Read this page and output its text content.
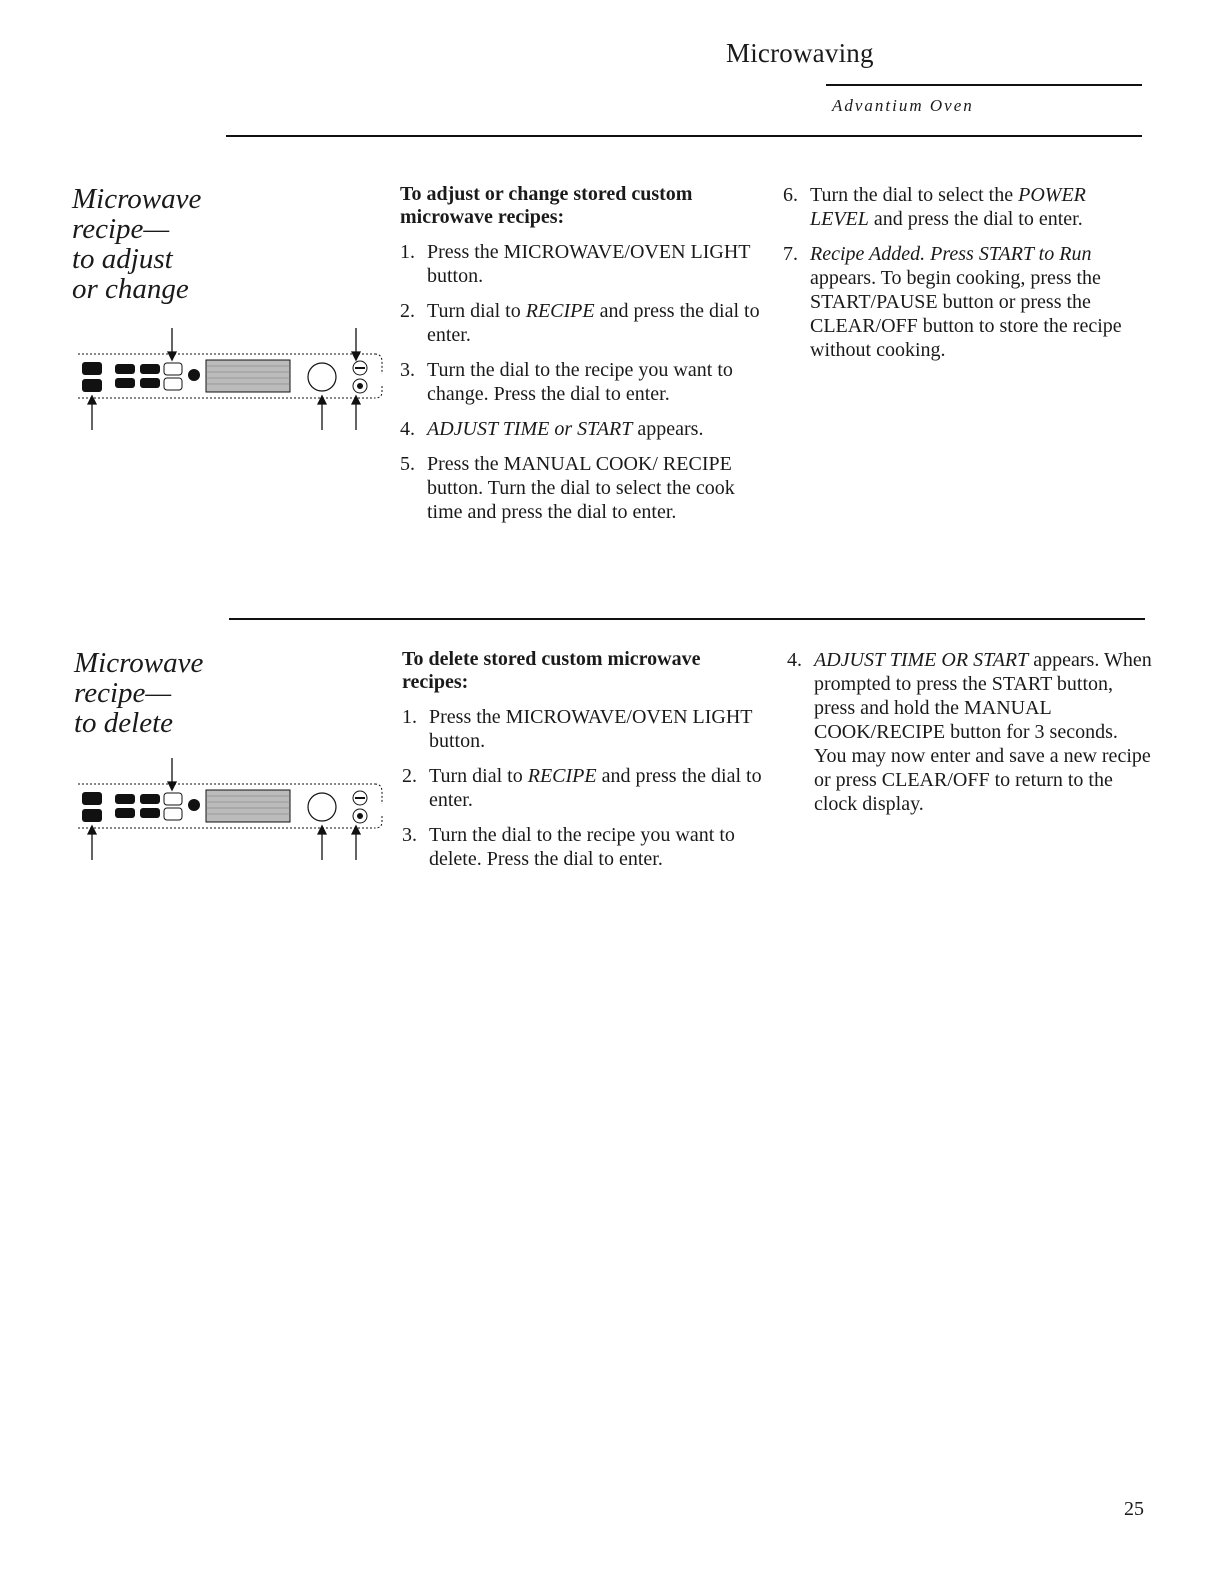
Microwaving
Advantium Oven
Microwave
recipe—
to adjust
or change
To adjust or change stored custom microwave recipes:
1. Press the MICROWAVE/OVEN LIGHT button.
2. Turn dial to RECIPE and press the dial to enter.
3. Turn the dial to the recipe you want to change. Press the dial to enter.
4. ADJUST TIME or START appears.
5. Press the MANUAL COOK/ RECIPE button. Turn the dial to select the cook time and press the dial to enter.
6. Turn the dial to select the POWER LEVEL and press the dial to enter.
7. Recipe Added. Press START to Run appears. To begin cooking, press the START/PAUSE button or press the CLEAR/OFF button to store the recipe without cooking.
Microwave
recipe—
to delete
To delete stored custom microwave recipes:
1. Press the MICROWAVE/OVEN LIGHT button.
2. Turn dial to RECIPE and press the dial to enter.
3. Turn the dial to the recipe you want to delete. Press the dial to enter.
4. ADJUST TIME OR START appears. When prompted to press the START button, press and hold the MANUAL COOK/RECIPE button for 3 seconds. You may now enter and save a new recipe or press CLEAR/OFF to return to the clock display.
25
